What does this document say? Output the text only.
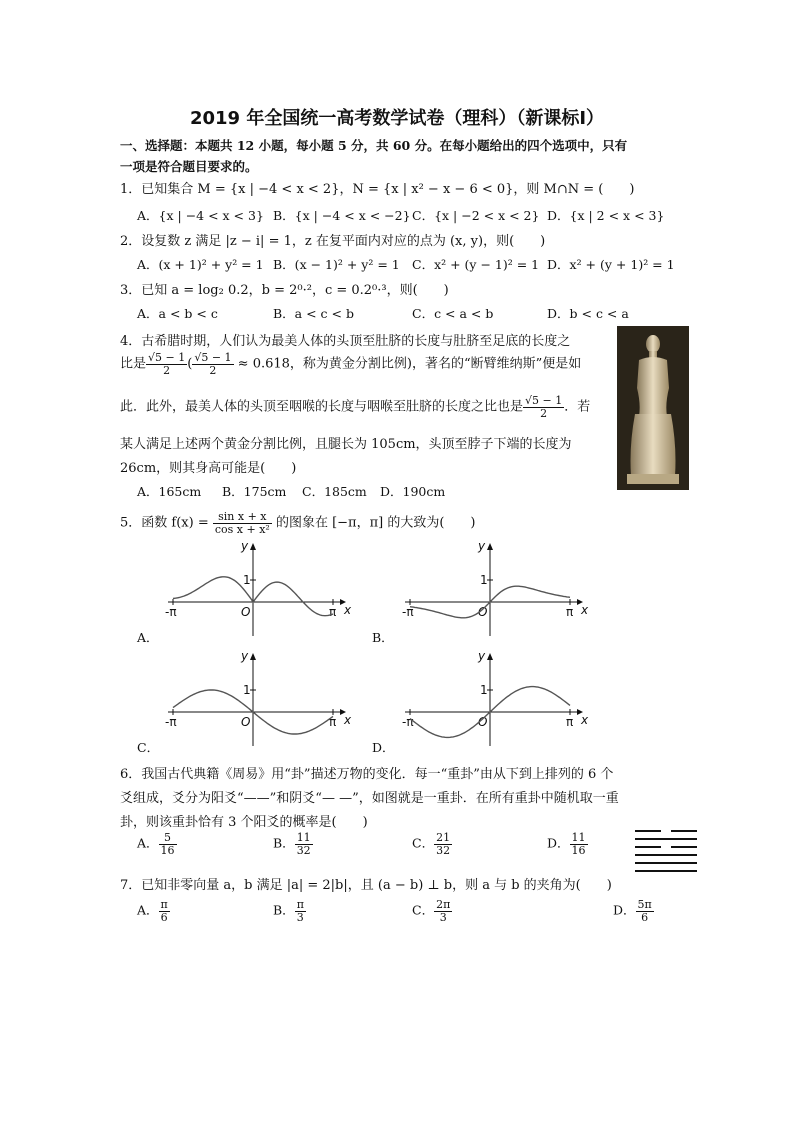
2019 年全国统一高考数学试卷（理科）（新课标Ⅰ）
一、选择题：本题共 12 小题，每小题 5 分，共 60 分。在每小题给出的四个选项中，只有
一项是符合题目要求的。
1．已知集合 M = {x | −4 < x < 2}，N = {x | x² − x − 6 < 0}，则 M∩N = (　　)
A．{x | −4 < x < 3} B．{x | −4 < x < −2} C．{x | −2 < x < 2} D．{x | 2 < x < 3}
2．设复数 z 满足 |z − i| = 1，z 在复平面内对应的点为 (x, y)，则(　　)
A．(x + 1)² + y² = 1 B．(x − 1)² + y² = 1 C．x² + (y − 1)² = 1 D．x² + (y + 1)² = 1
3．已知 a = log₂ 0.2，b = 2⁰·²，c = 0.2⁰·³，则(　　)
A．a < b < c	B．a < c < b	C．c < a < b	D．b < c < a
4．古希腊时期，人们认为最美人体的头顶至肚脐的长度与肚脐至足底的长度之
比是 $\frac{√5 - 1}{2}$ ( $\frac{√5 - 1}{2} \approx 0.618$，称为黄金分割比例)，著名的“断臂维纳斯”便是如
此．此外，最美人体的头顶至咽喉的长度与咽喉至肚脐的长度之比也是 $\frac{√5 - 1}{2}$ ．若
某人满足上述两个黄金分割比例，且腿长为 105cm，头顶至脖子下端的长度为
26cm，则其身高可能是(　　)
A．165cm B．175cm C．185cm D．190cm
5．函数 $f(x) = \frac{\text{sin x + x}}{\text{cos x + x²}}$ 的图象在 [−π，π] 的大致为(　　)
y
x
1
O
-π	π
y
x
1
O
-π	π
y
x
1
O
-π	π
y
x
1
O
-π	π
A．	B．
C．	D．
6．我国古代典籍《周易》用“卦”描述万物的变化．每一“重卦”由从下到上排列的 6 个
爻组成，爻分为阳爻“——”和阴爻“— —”，如图就是一重卦．在所有重卦中随机取一重
卦，则该重卦恰有 3 个阳爻的概率是(　　)
A． $\frac{5}{16}$	B． $\frac{11}{32}$	C． $\frac{21}{32}$	D． $\frac{11}{16}$
7．已知非零向量 a，b 满足 |a| = 2|b|，且 (a − b) ⊥ b，则 a 与 b 的夹角为(　　)
A． $\frac{\pi}{6}$	B． $\frac{\pi}{3}$	C． $\frac{2\pi}{3}$	D． $\frac{5\pi}{6}$
